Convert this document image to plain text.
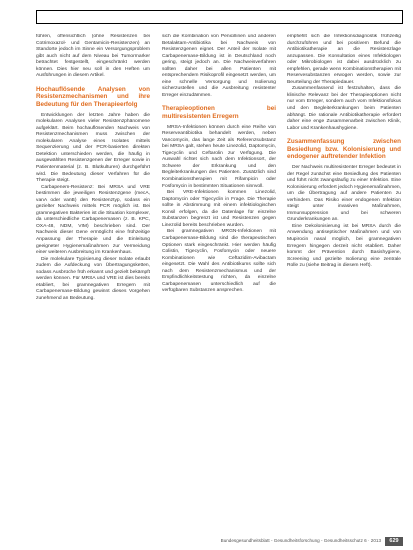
führen, offensichtlich (ohne Resistenzen bei Cotrimoxazol- und Gentamicin-Resistenzen) an Standorte jedoch im Sinne ein Versorgungsproblem gibt auch nicht auf dem Niveau bei Tumormarker betrachtet festgestellt, eingeschränkt werden können. Dies hier neu soll in den Heften um Ausführungen in diesem Artikel.

Hochauflösende Analysen von Resistenzmechanismen und ihre Bedeutung für den Therapieerfolg

Entwicklungen der letzten Jahre haben die molekularen Analysen vieler Resistenzphänomene aufgeklärt. Beim hochauflösenden Nachweis von Resistenzmechanismen muss zwischen der molekularen Analyse eines Isolates mittels Sequenzierung und der PCR-basierten direkten Detektion unterschieden werden, die häufig in ausgewählten Resistenzgenen der Erreger sowie in Patientenmaterial (z. B. Blutkulturen) durchgeführt wird. Die Bedeutung dieser Verfahren für die Therapie steigt.

Carbapenem-Resistenz: Bei MRSA und VRE bestimmen die jeweiligen Resistenzgene (mecA, vanA oder vanB) den Resistenztyp, sodass ein gezielter Nachweis mittels PCR möglich ist. Bei gramnegativen Bakterien ist die Situation komplexer, da unterschiedliche Carbapenemasen (z. B. KPC, OXA-48, NDM, VIM) beschrieben sind. Der Nachweis dieser Gene ermöglicht eine frühzeitige Anpassung der Therapie und die Einleitung geeigneter Hygienemaßnahmen zur Vermeidung einer weiteren Ausbreitung im Krankenhaus.

Die molekulare Typisierung dieser Isolate erlaubt zudem die Aufdeckung von Übertragungsketten, sodass Ausbrüche früh erkannt und gezielt bekämpft werden können. Für MRSA und VRE ist dies bereits etabliert, bei gramnegativen Erregern mit Carbapenemase-Bildung gewinnt dieses Vorgehen zunehmend an Bedeutung.

sich die Kombination von Penicillinen und anderen Betalaktam-Antibiotika bei Nachweis von Resistenzgenen eignet. Der Anteil der Isolate mit Carbapenemase-Bildung ist in Deutschland noch gering, steigt jedoch an. Die Nachweisverfahren sollten daher bei allen Patienten mit entsprechendem Risikoprofil eingesetzt werden, um eine schnelle Versorgung und Isolierung sicherzustellen und die Ausbreitung resistenter Erreger einzudämmen.

Therapieoptionen bei multiresistenten Erregern

MRSA-Infektionen können durch eine Reihe von Reserveantibiotika behandelt werden, neben Vancomycin, das lange Zeit als Referenzsubstanz bei MRSA galt, stehen heute Linezolid, Daptomycin, Tigecyclin und Ceftarolin zur Verfügung. Die Auswahl richtet sich nach dem Infektionsort, der Schwere der Erkrankung und den Begleiterkrankungen des Patienten. Zusätzlich sind Kombinationstherapien mit Rifampicin oder Fosfomycin in bestimmten Situationen sinnvoll.

Bei VRE-Infektionen kommen Linezolid, Daptomycin oder Tigecyclin in Frage. Die Therapie sollte in Abstimmung mit einem infektiologischen Konsil erfolgen, da die Datenlage für einzelne Substanzen begrenzt ist und Resistenzen gegen Linezolid bereits beschrieben wurden.

Bei gramnegativen MRGN-Infektionen mit Carbapenemase-Bildung sind die therapeutischen Optionen stark eingeschränkt. Hier werden häufig Colistin, Tigecyclin, Fosfomycin oder neuere Kombinationen wie Ceftazidim-Avibactam eingesetzt. Die Wahl des Antibiotikums sollte sich nach dem Resistenzmechanismus und der Empfindlichkeitstestung richten, da einzelne Carbapenemasen unterschiedlich auf die verfügbaren Substanzen ansprechen.

empfiehlt sich die Infektionsdiagnostik frühzeitig durchzuführen und bei positivem Befund die Antibiotikatherapie an die Resistenzlage anzupassen. Die Konsultation eines Infektiologen oder Mikrobiologen ist dabei ausdrücklich zu empfehlen, gerade wenn Kombinationstherapien mit Reservesubstanzen erwogen werden, sowie zur Beurteilung der Therapiedauer.

Zusammenfassend ist festzuhalten, dass die klinische Relevanz bei der Therapieoptionen nicht nur vom Erreger, sondern auch vom Infektionsfokus und den Begleiterkrankungen beim Patienten abhängt. Die rationale Antibiotikatherapie erfordert daher eine enge Zusammenarbeit zwischen Klinik, Labor und Krankenhaushygiene.

Zusammenfassung zwischen Besiedlung bzw. Kolonisierung und endogener auftretender Infektion

Der Nachweis multiresistenter Erreger bedeutet in der Regel zunächst eine Besiedlung des Patienten und führt nicht zwangsläufig zu einer Infektion. Eine Kolonisierung erfordert jedoch Hygienemaßnahmen, um die Übertragung auf andere Patienten zu verhindern. Das Risiko einer endogenen Infektion steigt unter invasiven Maßnahmen, Immunsuppression und bei schweren Grunderkrankungen an.

Eine Dekolonisierung ist bei MRSA durch die Anwendung antiseptischer Maßnahmen und von Mupirocin nasal möglich, bei gramnegativen Erregern hingegen derzeit nicht etabliert. Daher kommt der Prävention durch Basishygiene, Screening und gezielte Isolierung eine zentrale Rolle zu (siehe Beitrag in diesem Heft).

Bundesgesundheitsblatt - Gesundheitsforschung - Gesundheitsschutz 6 · 2013	629
